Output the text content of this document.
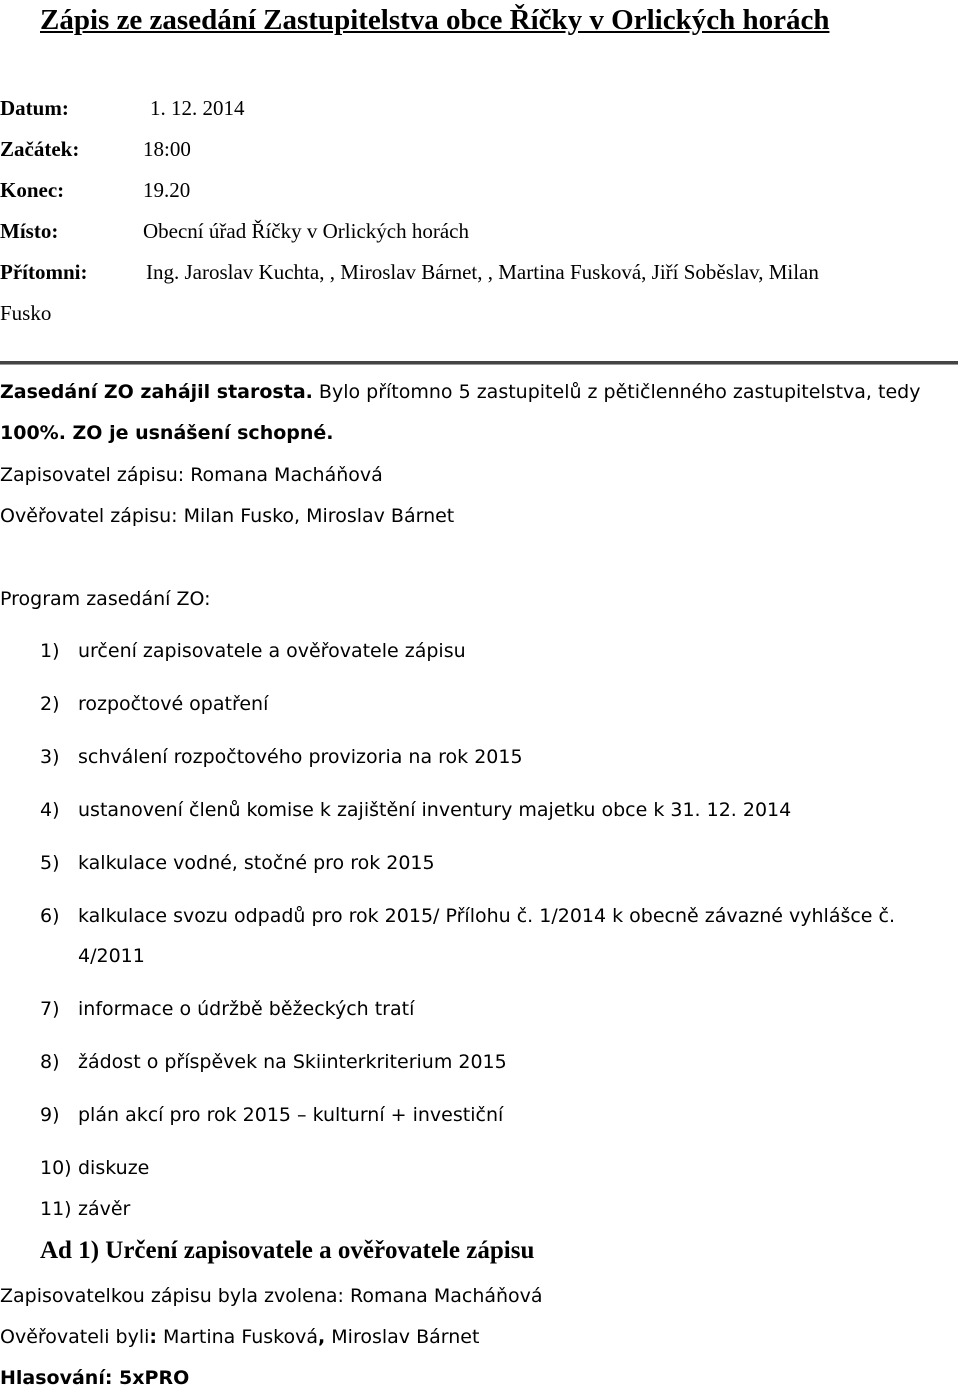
Zápis ze zasedání Zastupitelstva obce Říčky v Orlických horách
Datum:	1. 12. 2014
Začátek:	18:00
Konec:	19.20
Místo:	Obecní úřad Říčky v Orlických horách
Přítomni:	Ing. Jaroslav Kuchta, , Miroslav Bárnet, , Martina Fusková, Jiří Soběslav, Milan
Fusko
Zasedání ZO zahájil starosta. Bylo přítomno 5 zastupitelů z pětičlenného zastupitelstva, tedy
100%. ZO je usnášení schopné.
Zapisovatel zápisu: Romana Macháňová
Ověřovatel zápisu: Milan Fusko, Miroslav Bárnet
Program zasedání ZO:
1) určení zapisovatele a ověřovatele zápisu
2) rozpočtové opatření
3) schválení rozpočtového provizoria na rok 2015
4) ustanovení členů komise k zajištění inventury majetku obce k 31. 12. 2014
5) kalkulace vodné, stočné pro rok 2015
6) kalkulace svozu odpadů pro rok 2015/ Přílohu č. 1/2014 k obecně závazné vyhlášce č.
4/2011
7) informace o údržbě běžeckých tratí
8) žádost o příspěvek na Skiinterkriterium 2015
9) plán akcí pro rok 2015 – kulturní + investiční
10) diskuze
11) závěr
Ad 1) Určení zapisovatele a ověřovatele zápisu
Zapisovatelkou zápisu byla zvolena: Romana Macháňová
Ověřovateli byli: Martina Fusková, Miroslav Bárnet
Hlasování: 5xPRO
